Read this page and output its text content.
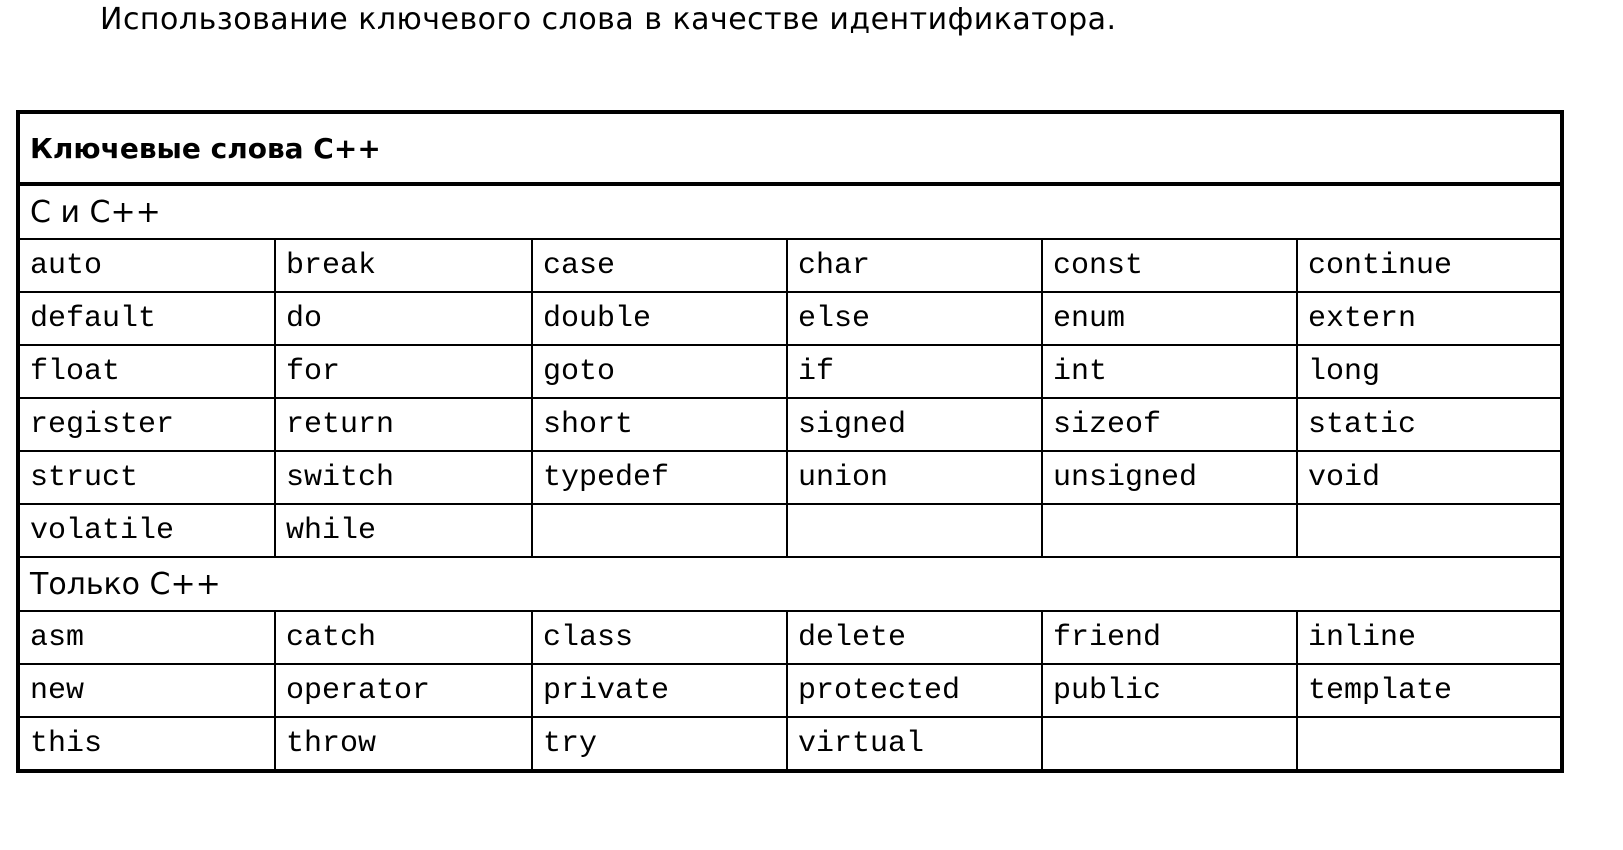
Использование ключевого слова в качестве идентификатора.
Ключевые слова C++					
C и C++					
auto	break	case	char	const	continue
default	do	double	else	enum	extern
float	for	goto	if	int	long
register	return	short	signed	sizeof	static
struct	switch	typedef	union	unsigned	void
volatile	while				
Только C++					
asm	catch	class	delete	friend	inline
new	operator	private	protected	public	template
this	throw	try	virtual		
